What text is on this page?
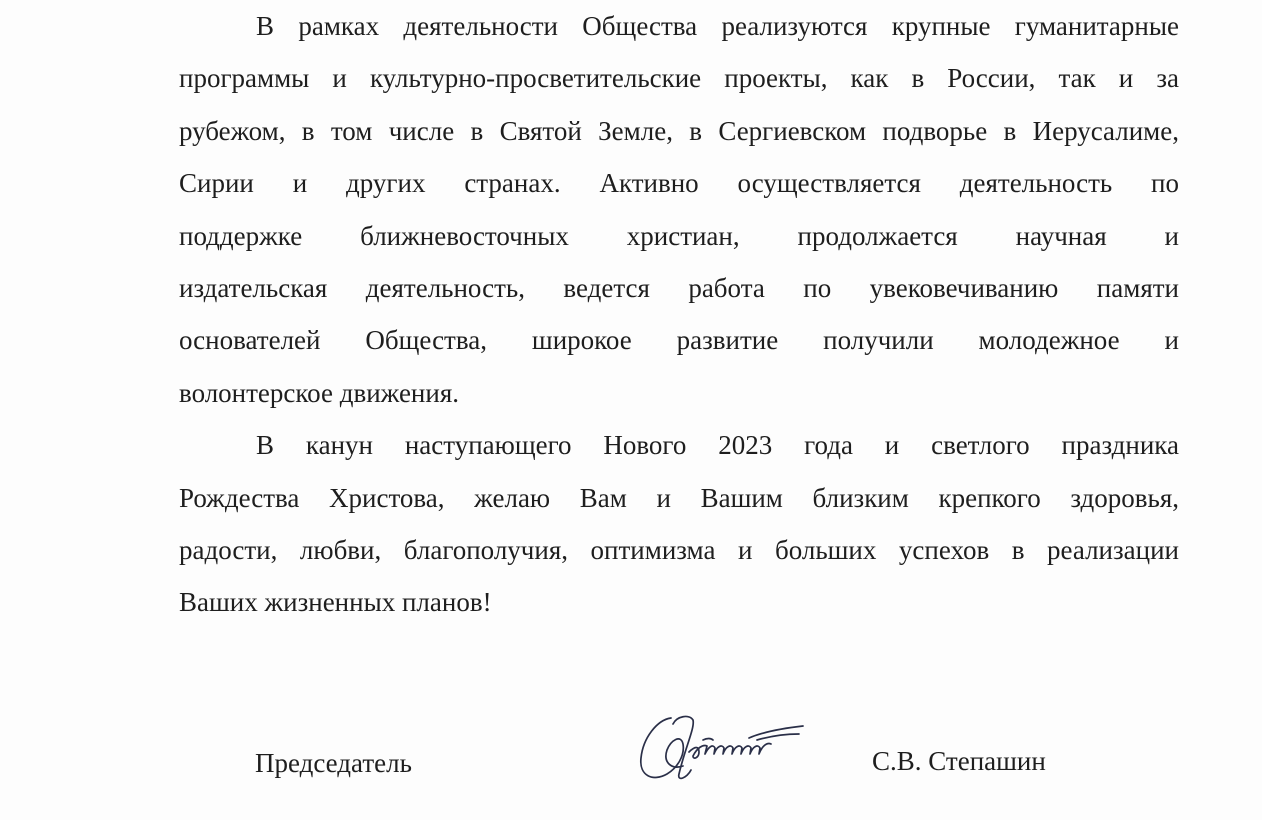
В рамках деятельности Общества реализуются крупные гуманитарные
программы и культурно-просветительские проекты, как в России, так и за
рубежом, в том числе в Святой Земле, в Сергиевском подворье в Иерусалиме,
Сирии и других странах. Активно осуществляется деятельность по
поддержке ближневосточных христиан, продолжается научная и
издательская деятельность, ведется работа по увековечиванию памяти
основателей Общества, широкое развитие получили молодежное и
волонтерское движения.
В канун наступающего Нового 2023 года и светлого праздника
Рождества Христова, желаю Вам и Вашим близким крепкого здоровья,
радости, любви, благополучия, оптимизма и больших успехов в реализации
Ваших жизненных планов!
Председатель	С.В. Степашин
